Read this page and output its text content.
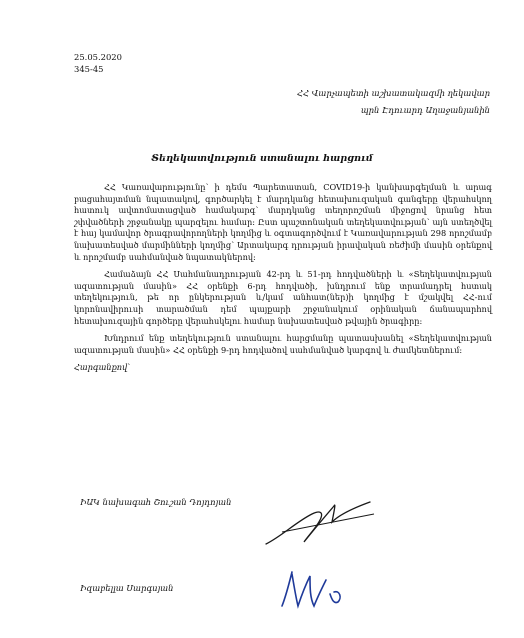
25.05.2020
345-45
ՀՀ Վարչապետի աշխատակազմի ղեկավար
պրն Էդուարդ Աղաջանյանին
Տեղեկատվություն ստանալու հարցում

ՀՀ Կառավարությունը՝ ի դեմս Պարետատան, COVID19-ի կանխարգելման և արագ բացահայտման նպատակով, գործարկել է մարդկանց հետախուզական գանգերը վերահսկող հատուկ ավտոմատացված համակարգ՝ մարդկանց տեղորոշման միջոցով նրանց հետ շփվածների շրջանակը պարզելու համար: Ըստ պաշտոնական տեղեկատվության՝ այն ստեղծվել է հայ կամավոր ծրագրավորողների կողմից և օգտագործվում է Կառավարության 298 որոշմամբ նախատեսված մարմինների կողմից՝ Արտակարգ դրության իրավական ռեժիմի մասին օրենքով և որոշմամբ սահմանված նպատակներով:

Համաձայն ՀՀ Սահմանադրության 42-րդ և 51-րդ հոդվածների և «Տեղեկատվության ազատության մասին» ՀՀ օրենքի 6-րդ հոդվածի, խնդրում ենք տրամադրել հստակ տեղեկություն, թե որ ընկերության և/կամ անհատ(ներ)ի կողմից է մշակվել ՀՀ-ում կորոնավիրուսի տարածման դեմ պայքարի շրջանակում օրինական ճանապարհով հետախուզային գործերը վերահսկելու համար նախատեսված թվային ծրագիրը:

Խնդրում ենք տեղեկություն ստանալու հարցմանը պատասխանել «Տեղեկատվության ազատության մասին» ՀՀ օրենքի 9-րդ հոդվածով սահմանված կարգով և ժամկետներում:

Հարգանքով՝

ԻԱԿ նախագահ Շուշան Դոյդոյան
Իզաբելլա Սարգսյան
